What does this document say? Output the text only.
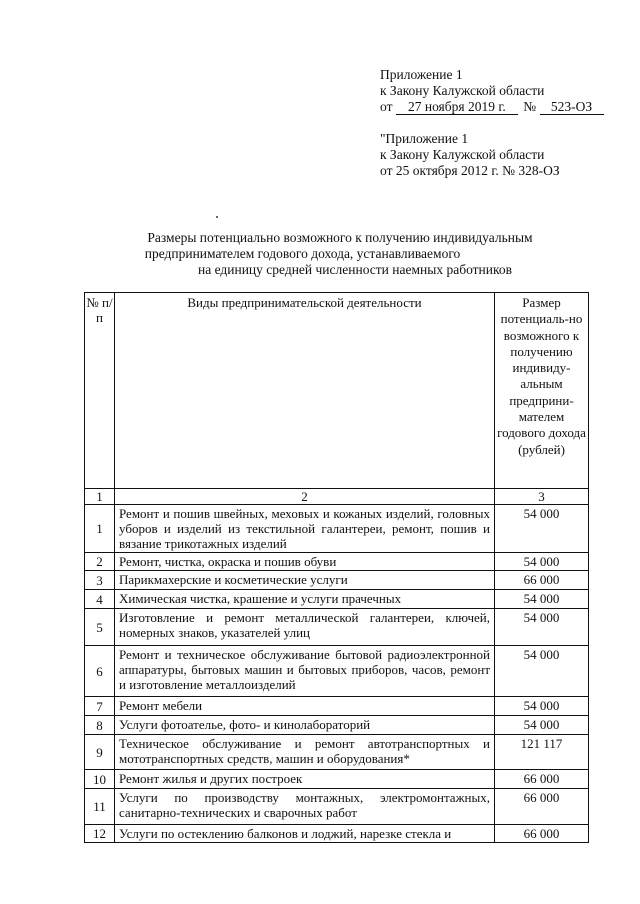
Приложение 1
к Закону Калужской области
от 27 ноября 2019 г. № 523-ОЗ
"Приложение 1
к Закону Калужской области
от 25 октября 2012 г. № 328-ОЗ
Размеры потенциально возможного к получению индивидуальным
предпринимателем годового дохода, устанавливаемого
на единицу средней численности наемных работников
№ п/п	Виды предпринимательской деятельности	Размер потенциаль-но возможного к получению индивиду-альным предприни-мателем годового дохода (рублей)

1	2	3
1	Ремонт и пошив швейных, меховых и кожаных изделий, головных уборов и изделий из текстильной галантереи, ремонт, пошив и вязание трикотажных изделий	54 000
2	Ремонт, чистка, окраска и пошив обуви	54 000
3	Парикмахерские и косметические услуги	66 000
4	Химическая чистка, крашение и услуги прачечных	54 000
5	Изготовление и ремонт металлической галантереи, ключей, номерных знаков, указателей улиц	54 000
6	Ремонт и техническое обслуживание бытовой радиоэлектронной аппаратуры, бытовых машин и бытовых приборов, часов, ремонт и изготовление металлоизделий	54 000
7	Ремонт мебели	54 000
8	Услуги фотоателье, фото- и кинолабораторий	54 000
9	Техническое обслуживание и ремонт автотранспортных и мототранспортных средств, машин и оборудования*	121 117
10	Ремонт жилья и других построек	66 000
11	Услуги по производству монтажных, электромонтажных, санитарно-технических и сварочных работ	66 000
12	Услуги по остеклению балконов и лоджий, нарезке стекла и	66 000
